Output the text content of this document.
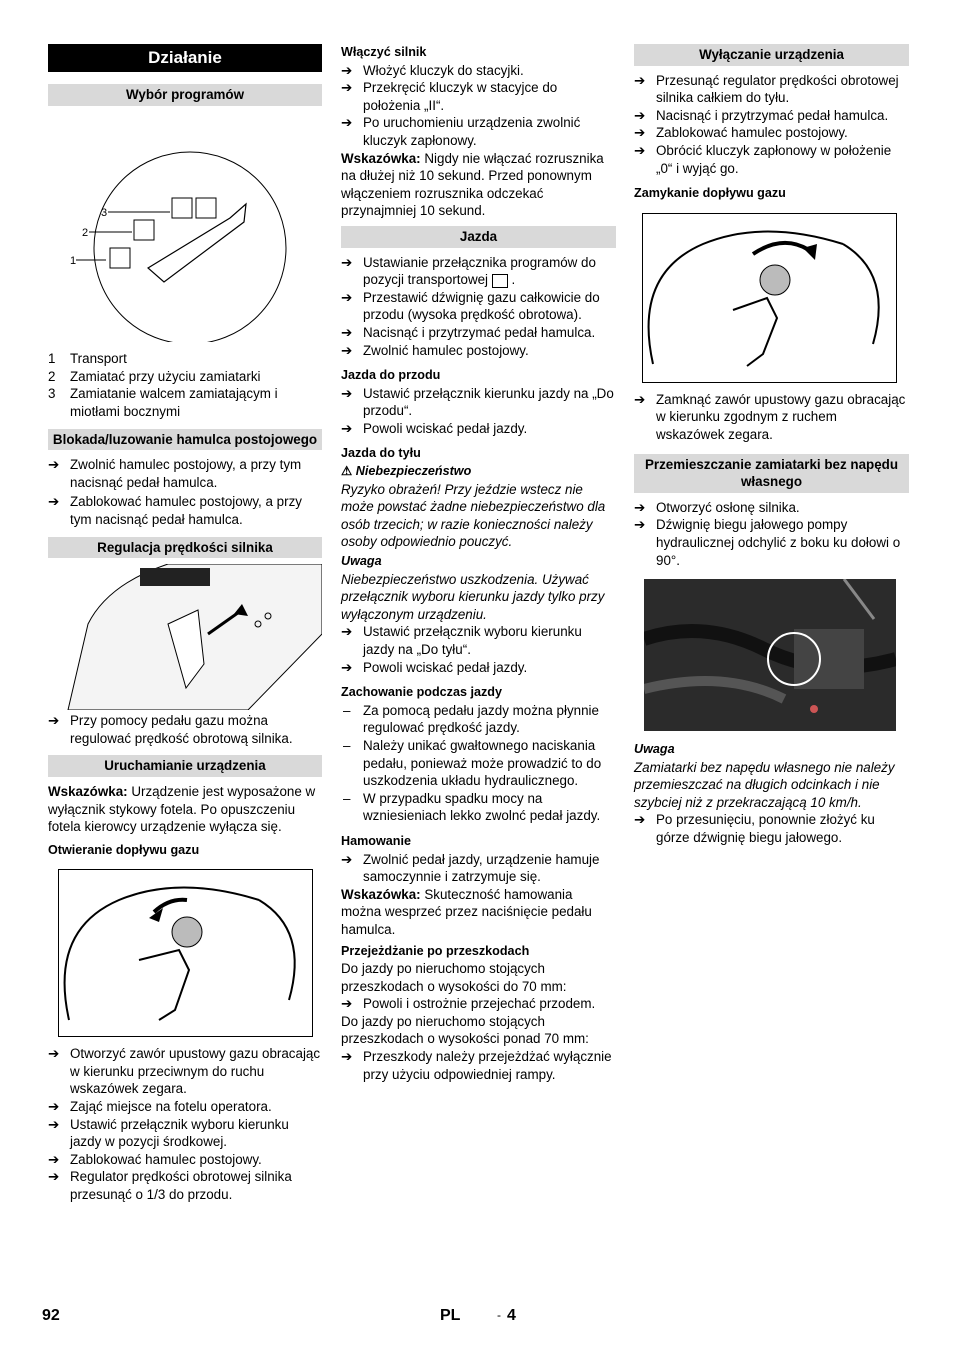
Działanie
Wybór programów
3
2
1
1 Transport
2 Zamiatać przy użyciu zamiatarki
3 Zamiatanie walcem zamiatającym i miotłami bocznymi
Blokada/luzowanie hamulca postojowego
➔ Zwolnić hamulec postojowy, a przy tym nacisnąć pedał hamulca.
➔ Zablokować hamulec postojowy, a przy tym nacisnąć pedał hamulca.
Regulacja prędkości silnika
➔ Przy pomocy pedału gazu można regulować prędkość obrotową silnika.
Uruchamianie urządzenia

Wskazówka: Urządzenie jest wyposażone w wyłącznik stykowy fotela. Po opuszczeniu fotela kierowcy urządzenie wyłącza się.

Otwieranie dopływu gazu
➔ Otworzyć zawór upustowy gazu obracając w kierunku przeciwnym do ruchu wskazówek zegara.
➔ Zająć miejsce na fotelu operatora.
➔ Ustawić przełącznik wyboru kierunku jazdy w pozycji środkowej.
➔ Zablokować hamulec postojowy.
➔ Regulator prędkości obrotowej silnika przesunąć o 1/3 do przodu.
Włączyć silnik
➔ Włożyć kluczyk do stacyjki.
➔ Przekręcić kluczyk w stacyjce do położenia „II“.
➔ Po uruchomieniu urządzenia zwolnić kluczyk zapłonowy.

Wskazówka: Nigdy nie włączać rozrusznika na dłużej niż 10 sekund. Przed ponownym włączeniem rozrusznika odczekać przynajmniej 10 sekund.

Jazda
➔ Ustawianie przełącznika programów do pozycji transportowej  .
➔ Przestawić dźwignię gazu całkowicie do przodu (wysoka prędkość obrotowa).
➔ Nacisnąć i przytrzymać pedał hamulca.
➔ Zwolnić hamulec postojowy.
Jazda do przodu
➔ Ustawić przełącznik kierunku jazdy na „Do przodu“.
➔ Powoli wciskać pedał jazdy.
Jazda do tyłu
⚠ Niebezpieczeństwo

Ryzyko obrażeń! Przy jeździe wstecz nie może powstać żadne niebezpieczeństwo dla osób trzecich; w razie konieczności należy osoby odpowiednio pouczyć.

Uwaga

Niebezpieczeństwo uszkodzenia. Używać przełącznik wyboru kierunku jazdy tylko przy wyłączonym urządzeniu.

➔ Ustawić przełącznik wyboru kierunku jazdy na „Do tyłu“.
➔ Powoli wciskać pedał jazdy.
Zachowanie podczas jazdy
– Za pomocą pedału jazdy można płynnie regulować prędkość jazdy.
– Należy unikać gwałtownego naciskania pedału, ponieważ może prowadzić to do uszkodzenia układu hydraulicznego.
– W przypadku spadku mocy na wzniesieniach lekko zwolnć pedał jazdy.
Hamowanie
➔ Zwolnić pedał jazdy, urządzenie hamuje samoczynnie i zatrzymuje się.

Wskazówka: Skuteczność hamowania można wesprzeć przez naciśnięcie pedału hamulca.

Przejeżdżanie po przeszkodach

Do jazdy po nieruchomo stojących przeszkodach o wysokości do 70 mm:

➔ Powoli i ostrożnie przejechać przodem.

Do jazdy po nieruchomo stojących przeszkodach o wysokości ponad 70 mm:

➔ Przeszkody należy przejeżdżać wyłącznie przy użyciu odpowiedniej rampy.
Wyłączanie urządzenia
➔ Przesunąć regulator prędkości obrotowej silnika całkiem do tyłu.
➔ Nacisnąć i przytrzymać pedał hamulca.
➔ Zablokować hamulec postojowy.
➔ Obrócić kluczyk zapłonowy w położenie „0“ i wyjąć go.
Zamykanie dopływu gazu
➔ Zamknąć zawór upustowy gazu obracając w kierunku zgodnym z ruchem wskazówek zegara.
Przemieszczanie zamiatarki bez napędu własnego
➔ Otworzyć osłonę silnika.
➔ Dźwignię biegu jałowego pompy hydraulicznej odchylić z boku ku dołowi o 90°.
Uwaga

Zamiatarki bez napędu własnego nie należy przemieszczać na długich odcinkach i nie szybciej niż z przekraczającą 10 km/h.

➔ Po przesunięciu, ponownie złożyć ku górze dźwignię biegu jałowego.
92	PL	- 4
